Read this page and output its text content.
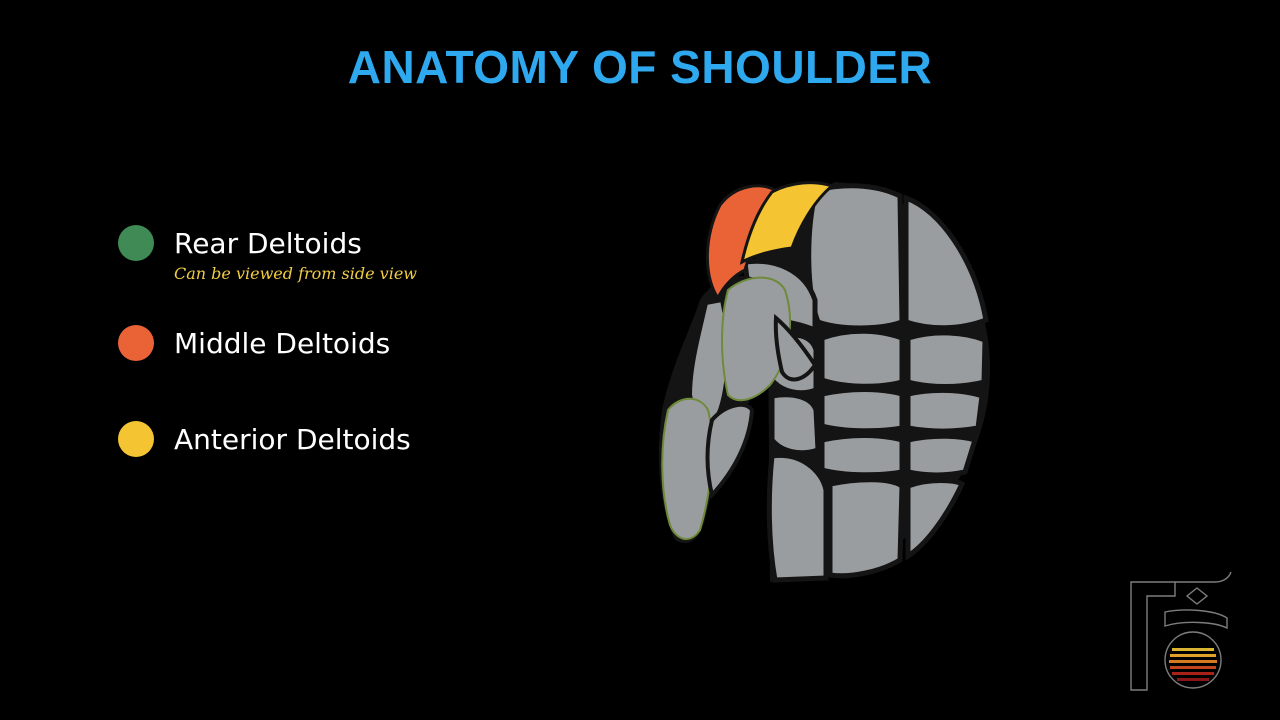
ANATOMY OF SHOULDER
Rear Deltoids
Can be viewed from side view
Middle Deltoids
Anterior Deltoids
